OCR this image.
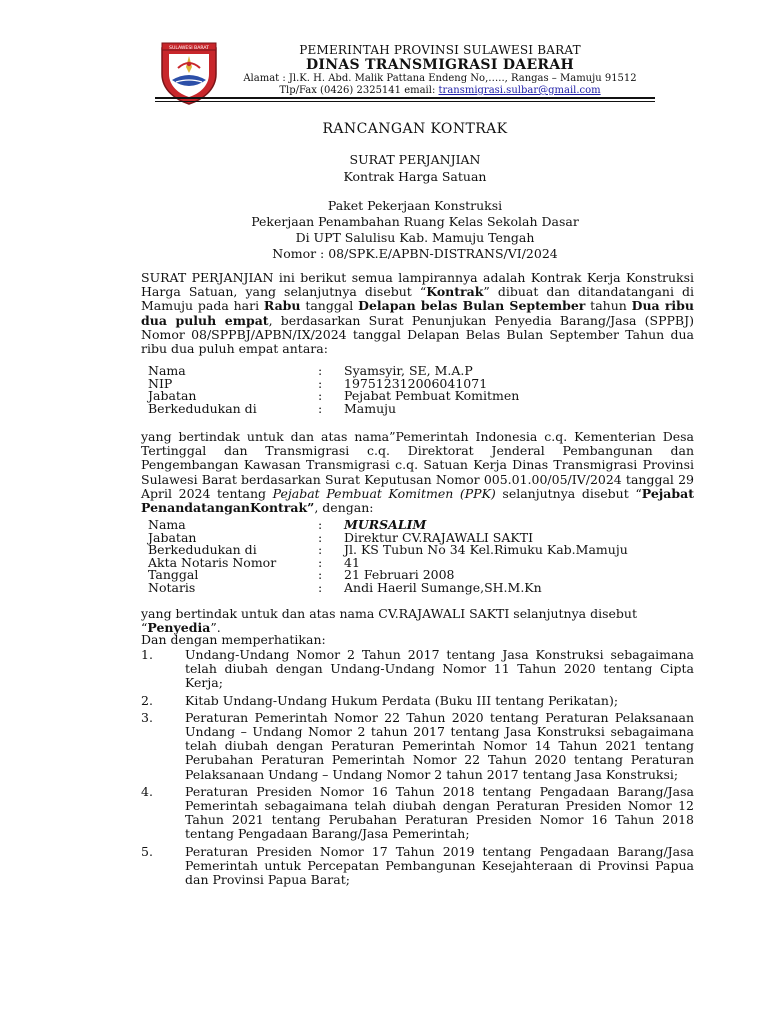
SULAWESI BARAT	PEMERINTAH PROVINSI SULAWESI BARAT
DINAS TRANSMIGRASI DAERAH
Alamat : Jl.K. H. Abd. Malik Pattana Endeng No,….., Rangas – Mamuju 91512
Tlp/Fax (0426) 2325141 email: transmigrasi.sulbar@gmail.com
RANCANGAN KONTRAK
SURAT PERJANJIAN
Kontrak Harga Satuan
Paket Pekerjaan Konstruksi
Pekerjaan Penambahan Ruang Kelas Sekolah Dasar
Di UPT Salulisu Kab. Mamuju Tengah
Nomor : 08/SPK.E/APBN-DISTRANS/VI/2024
SURAT PERJANJIAN ini berikut semua lampirannya adalah Kontrak Kerja Konstruksi Harga Satuan, yang selanjutnya disebut “Kontrak” dibuat dan ditandatangani di Mamuju pada hari Rabu tanggal Delapan belas Bulan September tahun Dua ribu dua puluh empat, berdasarkan Surat Penunjukan Penyedia Barang/Jasa (SPPBJ) Nomor 08/SPPBJ/APBN/IX/2024 tanggal Delapan Belas Bulan September Tahun dua ribu dua puluh empat antara:
Nama	:	Syamsyir, SE, M.A.P
NIP	:	197512312006041071
Jabatan	:	Pejabat Pembuat Komitmen
Berkedudukan di	:	Mamuju
yang bertindak untuk dan atas nama”Pemerintah Indonesia c.q. Kementerian Desa Tertinggal dan Transmigrasi c.q. Direktorat Jenderal Pembangunan dan Pengembangan Kawasan Transmigrasi c.q. Satuan Kerja Dinas Transmigrasi Provinsi Sulawesi Barat berdasarkan Surat Keputusan Nomor 005.01.00/05/IV/2024 tanggal 29 April 2024 tentang Pejabat Pembuat Komitmen (PPK) selanjutnya disebut “Pejabat PenandatanganKontrak”, dengan:
Nama	:	MURSALIM
Jabatan	:	Direktur CV.RAJAWALI SAKTI
Berkedudukan di	:	Jl. KS Tubun No 34 Kel.Rimuku Kab.Mamuju
Akta Notaris Nomor	:	41
Tanggal	:	21 Februari 2008
Notaris	:	Andi Haeril Sumange,SH.M.Kn
yang bertindak untuk dan atas nama CV.RAJAWALI SAKTI selanjutnya disebut “Penyedia”.
Dan dengan memperhatikan:
1.	Undang-Undang Nomor 2 Tahun 2017 tentang Jasa Konstruksi sebagaimana telah diubah dengan Undang-Undang Nomor 11 Tahun 2020 tentang Cipta Kerja;
2.	Kitab Undang-Undang Hukum Perdata (Buku III tentang Perikatan);
3.	Peraturan Pemerintah Nomor 22 Tahun 2020 tentang Peraturan Pelaksanaan Undang – Undang Nomor 2 tahun 2017 tentang Jasa Konstruksi sebagaimana telah diubah dengan Peraturan Pemerintah Nomor 14 Tahun 2021 tentang Perubahan Peraturan Pemerintah Nomor 22 Tahun 2020 tentang Peraturan Pelaksanaan Undang – Undang Nomor 2 tahun 2017 tentang Jasa Konstruksi;
4.	Peraturan Presiden Nomor 16 Tahun 2018 tentang Pengadaan Barang/Jasa Pemerintah sebagaimana telah diubah dengan Peraturan Presiden Nomor 12 Tahun 2021 tentang Perubahan Peraturan Presiden Nomor 16 Tahun 2018 tentang Pengadaan Barang/Jasa Pemerintah;
5.	Peraturan Presiden Nomor 17 Tahun 2019 tentang Pengadaan Barang/Jasa Pemerintah untuk Percepatan Pembangunan Kesejahteraan di Provinsi Papua dan Provinsi Papua Barat;
